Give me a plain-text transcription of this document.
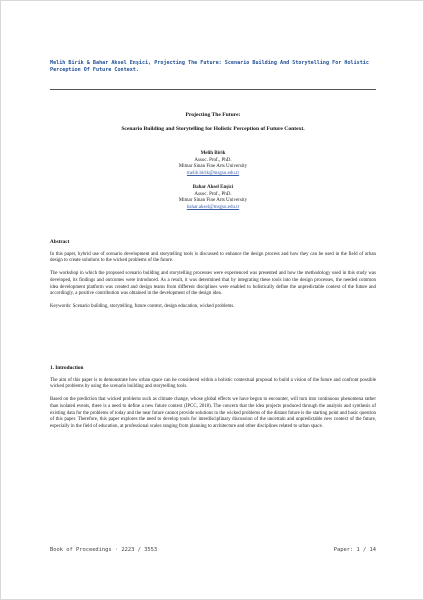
Melih Birik & Bahar Aksel Enşici, Projecting The Future: Scenario Building And Storytelling For Holistic Perception Of Future Context.
Projecting The Future:
Scenario Building and Storytelling for Holistic Perception of Future Context.
Melih Birik
Assoc. Prof., PhD.
Mimar Sinan Fine Arts University
melih.birik@msgsu.edu.tr
Bahar Aksel Enşici
Assoc. Prof., PhD.
Mimar Sinan Fine Arts University
bahar.aksel@msgsu.edu.tr
Abstract

In this paper, hybrid use of scenario development and storytelling tools is discussed to enhance the design process and how they can be used in the field of urban design to create solutions to the wicked problems of the future.

The workshop in which the proposed scenario building and storytelling processes were experienced was presented and how the methodology used in this study was developed, its findings and outcomes were introduced. As a result, it was determined that by integrating these tools into the design processes, the needed common idea development platform was created and design teams from different disciplines were enabled to holistically define the unpredictable context of the future and accordingly, a positive contribution was obtained in the development of the design idea.

Keywords: Scenario building, storytelling, future context, design education, wicked problems.

1. Introduction

The aim of this paper is to demonstrate how urban space can be considered within a holistic contextual proposal to build a vision of the future and confront possible wicked problems by using the scenario building and storytelling tools.

Based on the prediction that wicked problems such as climate change, whose global effects we have begun to encounter, will turn into continuous phenomena rather than isolated events, there is a need to define a new future context (IPCC, 2018). The concern that the idea projects produced through the analysis and synthesis of existing data for the problems of today and the near future cannot provide solutions to the wicked problems of the distant future is the starting point and basic question of this paper. Therefore, this paper explores the need to develop tools for interdisciplinary discussion of the uncertain and unpredictable new context of the future, especially in the field of education, at professional scales ranging from planning to architecture and other disciplines related to urban space.

Book of Proceedings · 2223 / 3553	Paper: 1 / 14
